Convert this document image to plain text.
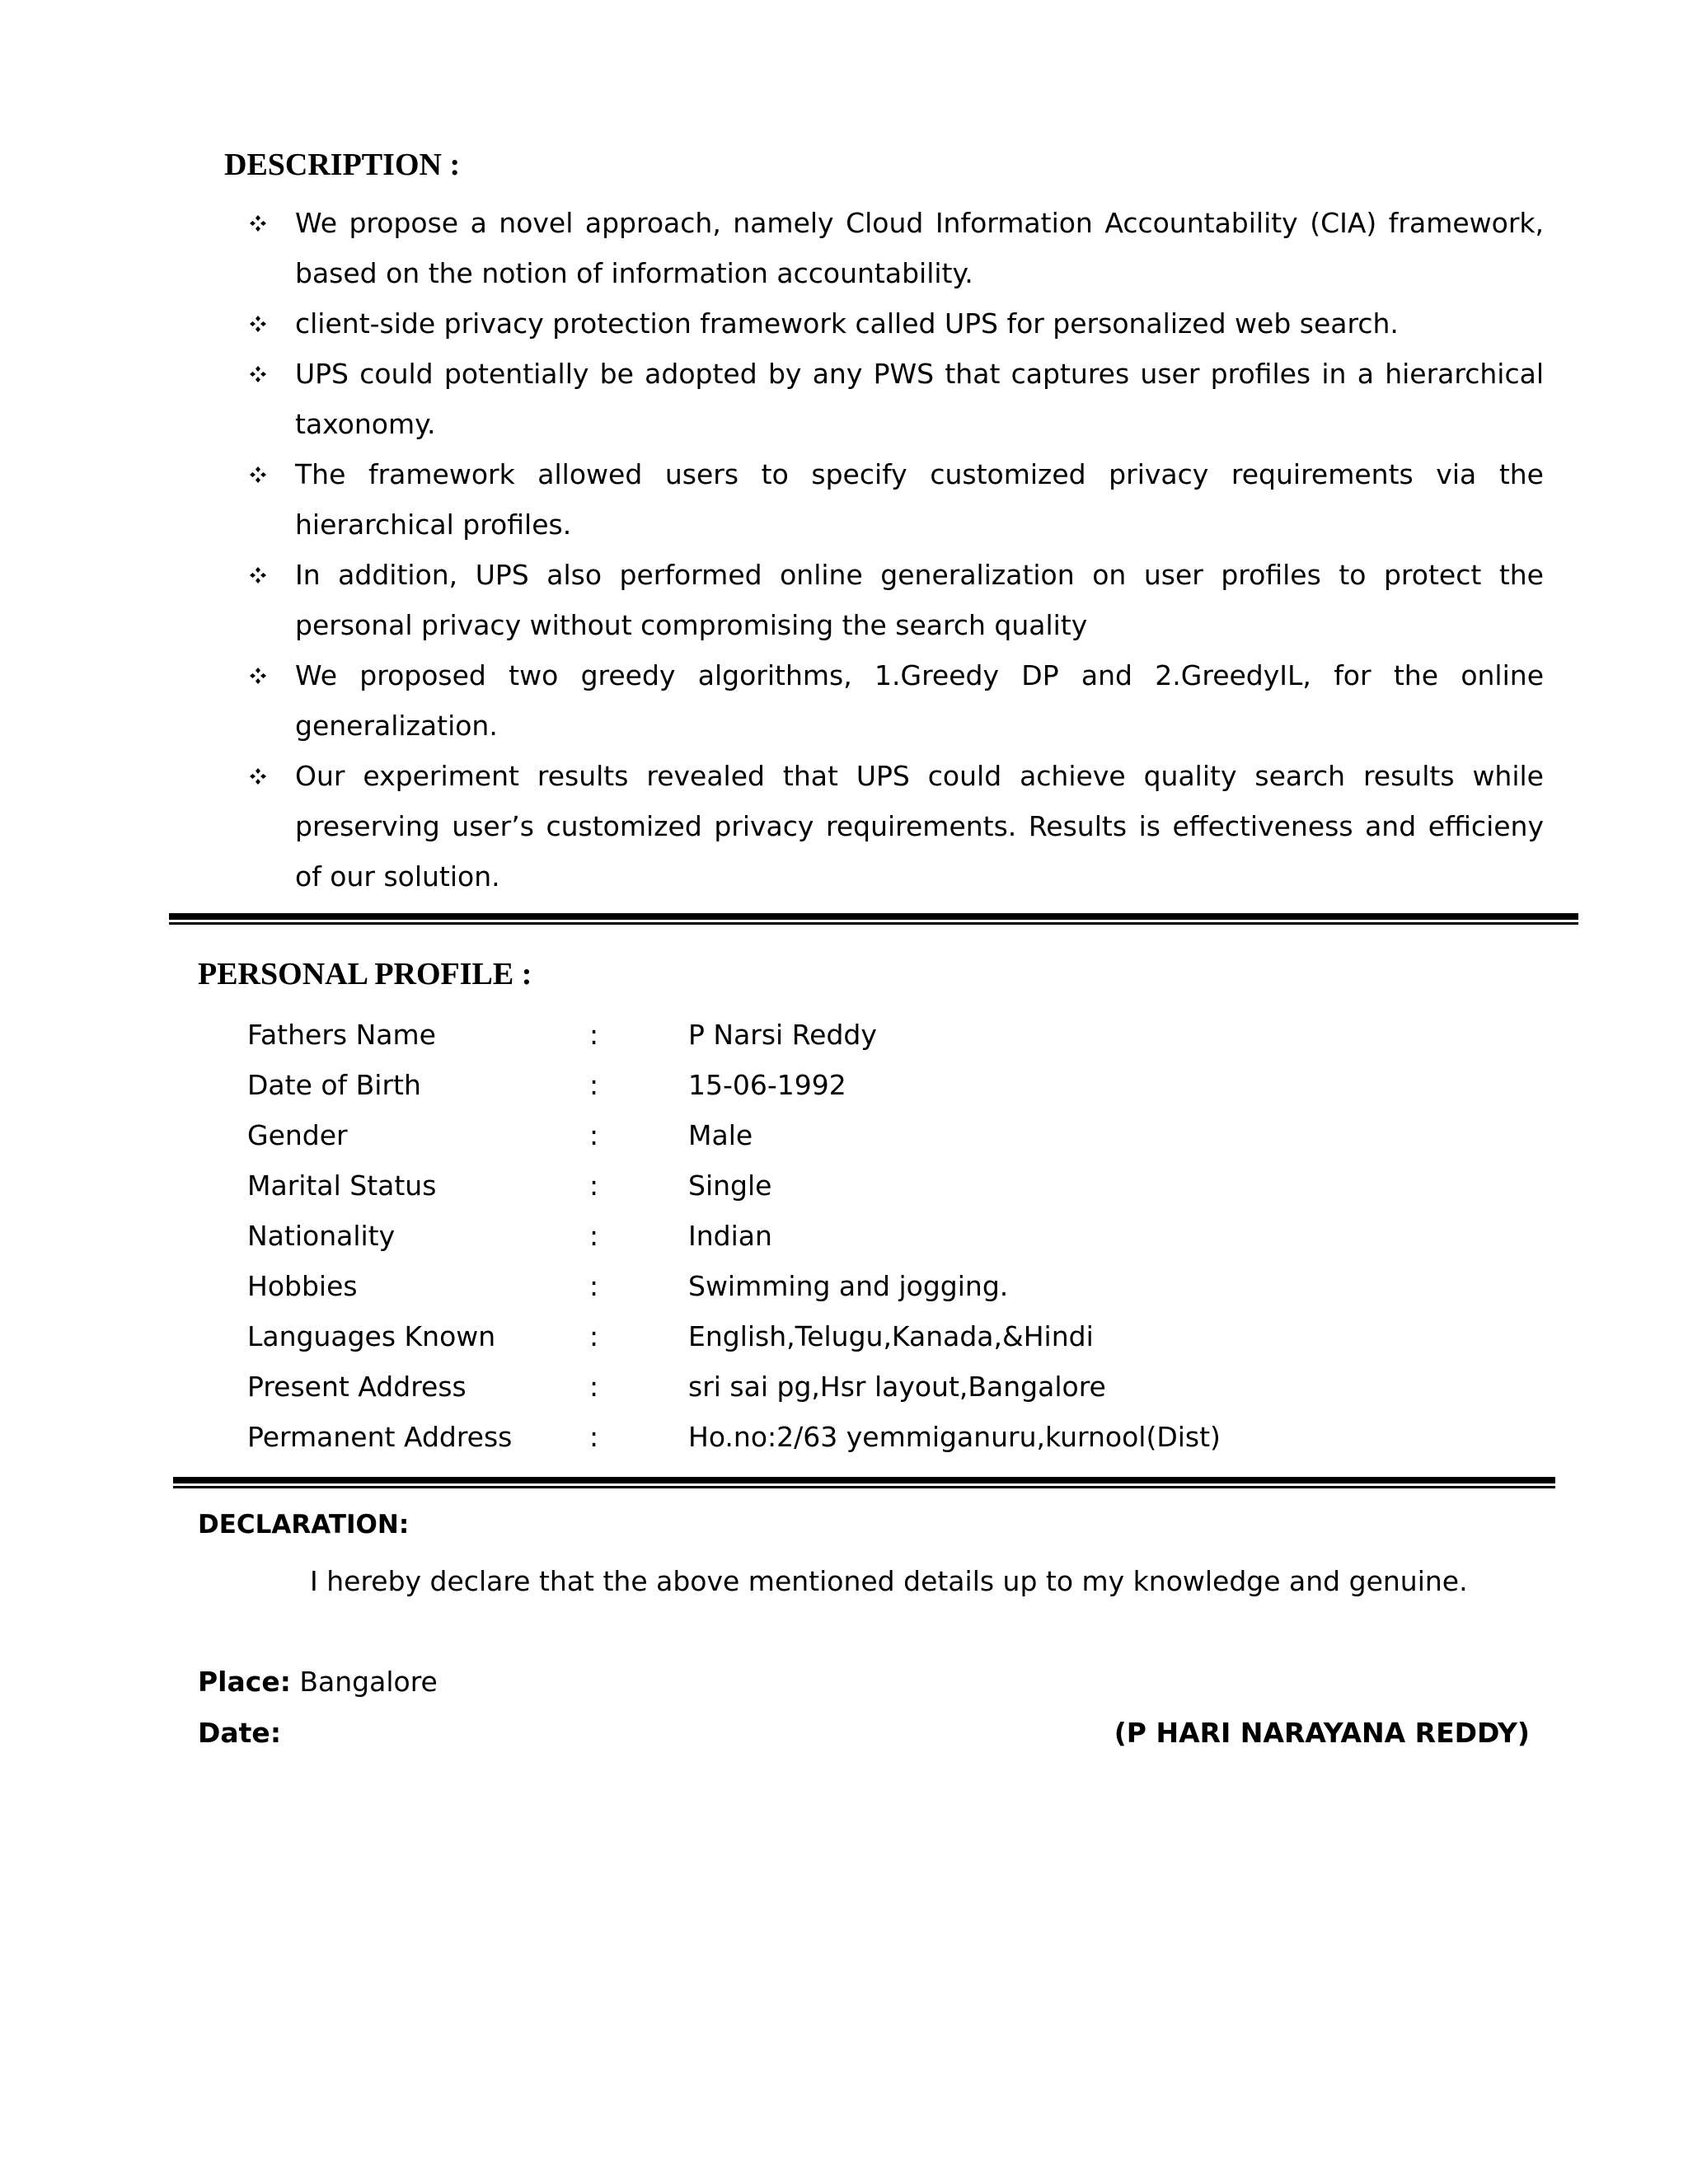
DESCRIPTION :
We propose a novel approach, namely Cloud Information Accountability (CIA) framework, based on the notion of information accountability.
client-side privacy protection framework called UPS for personalized web search.
UPS could potentially be adopted by any PWS that captures user profiles in a hierarchical taxonomy.
The framework allowed users to specify customized privacy requirements via the hierarchical profiles.
In addition, UPS also performed online generalization on user profiles to protect the personal privacy without compromising the search quality
We proposed two greedy algorithms, 1.Greedy DP and 2.GreedyIL, for the online generalization.
Our experiment results revealed that UPS could achieve quality search results while preserving user’s customized privacy requirements. Results is effectiveness and efficieny of our solution.
PERSONAL PROFILE :
Fathers Name	:	P Narsi Reddy
Date of Birth	:	15-06-1992
Gender	:	Male
Marital Status	:	Single
Nationality	:	Indian
Hobbies	:	Swimming and jogging.
Languages Known	:	English,Telugu,Kanada,&Hindi
Present Address	:	sri sai pg,Hsr layout,Bangalore
Permanent Address	:	Ho.no:2/63 yemmiganuru,kurnool(Dist)
DECLARATION:
I hereby declare that the above mentioned details up to my knowledge and genuine.
Place: Bangalore
Date:	(P HARI NARAYANA REDDY)
